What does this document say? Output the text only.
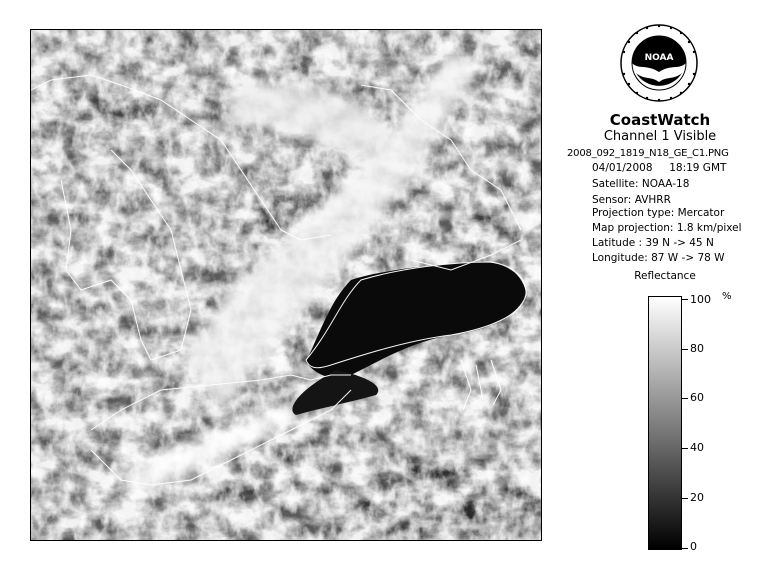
NOAA
CoastWatch
Channel 1 Visible
2008_092_1819_N18_GE_C1.PNG
04/01/2008     18:19 GMT
Satellite: NOAA-18
Sensor: AVHRR
Projection type: Mercator
Map projection: 1.8 km/pixel
Latitude : 39 N -> 45 N
Longitude: 87 W -> 78 W
Reflectance
%
100
80
60
40
20
0
